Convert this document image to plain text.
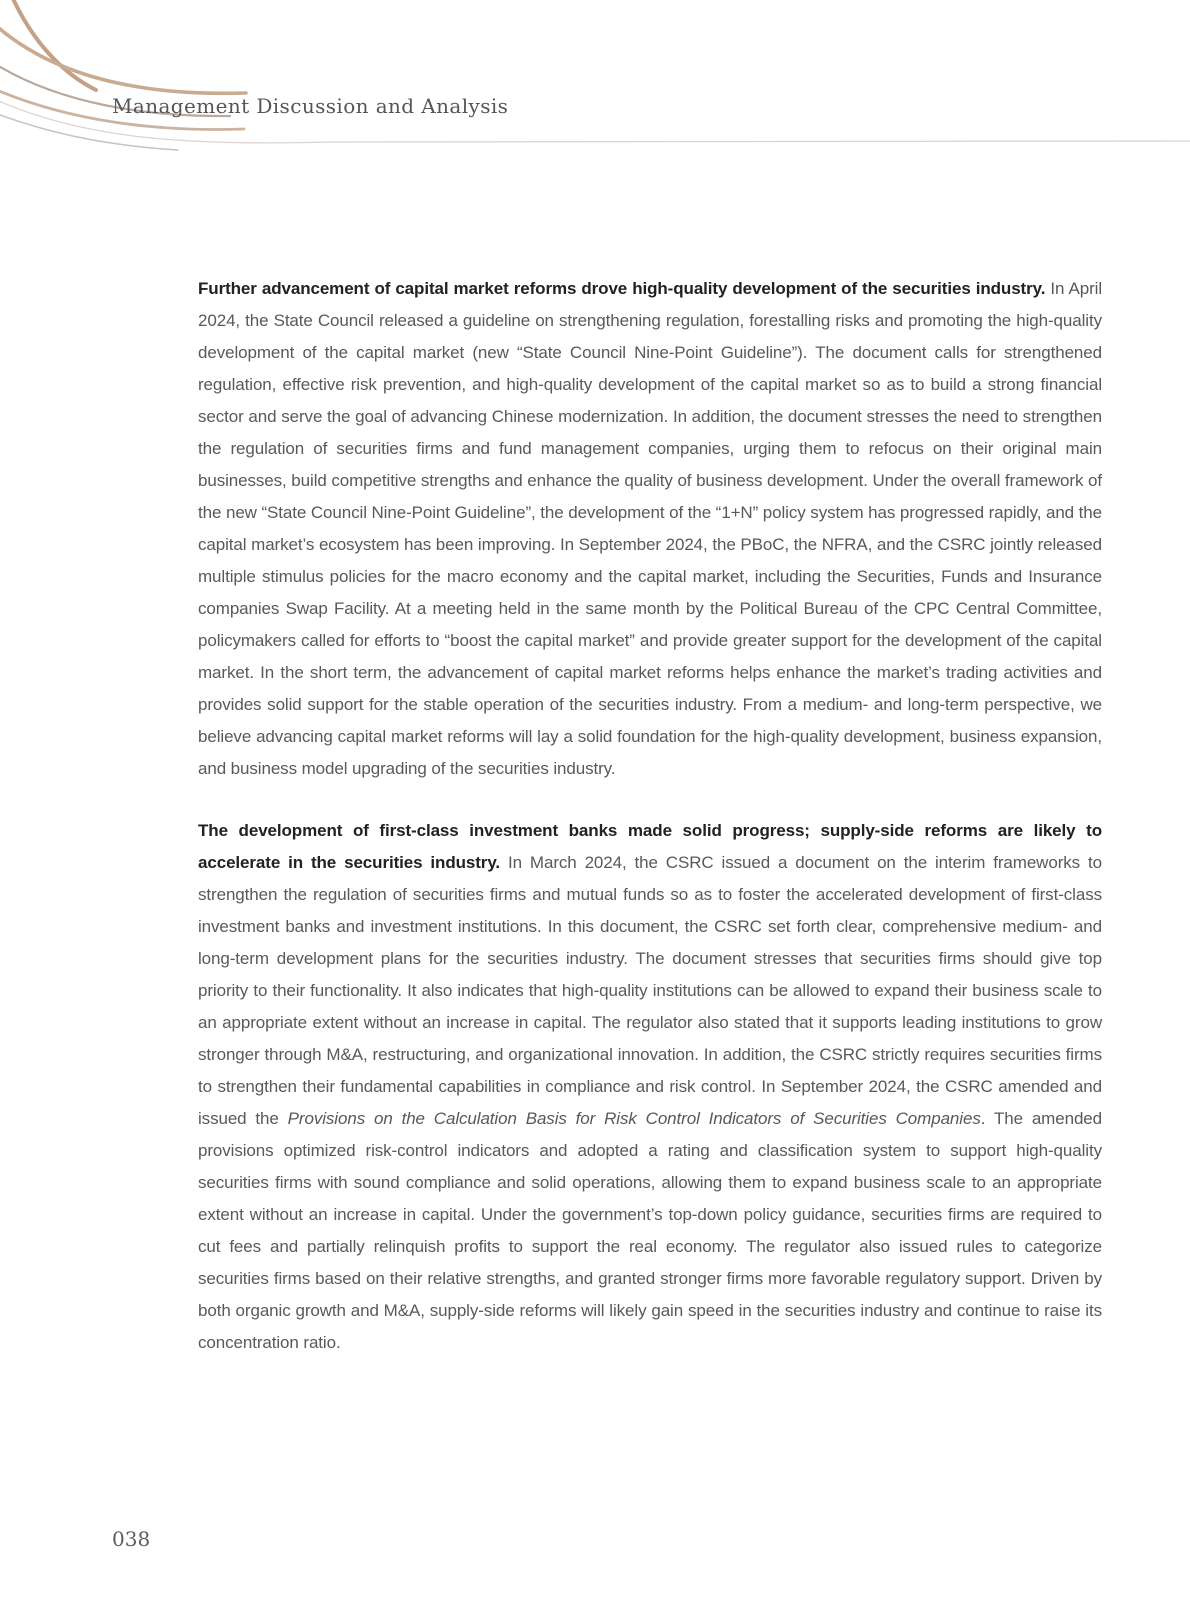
Management Discussion and Analysis

Further advancement of capital market reforms drove high-quality development of the securities industry. In April 2024, the State Council released a guideline on strengthening regulation, forestalling risks and promoting the high-quality development of the capital market (new “State Council Nine-Point Guideline”). The document calls for strengthened regulation, effective risk prevention, and high-quality development of the capital market so as to build a strong financial sector and serve the goal of advancing Chinese modernization. In addition, the document stresses the need to strengthen the regulation of securities firms and fund management companies, urging them to refocus on their original main businesses, build competitive strengths and enhance the quality of business development. Under the overall framework of the new “State Council Nine-Point Guideline”, the development of the “1+N” policy system has progressed rapidly, and the capital market’s ecosystem has been improving. In September 2024, the PBoC, the NFRA, and the CSRC jointly released multiple stimulus policies for the macro economy and the capital market, including the Securities, Funds and Insurance companies Swap Facility. At a meeting held in the same month by the Political Bureau of the CPC Central Committee, policymakers called for efforts to “boost the capital market” and provide greater support for the development of the capital market. In the short term, the advancement of capital market reforms helps enhance the market’s trading activities and provides solid support for the stable operation of the securities industry. From a medium- and long-term perspective, we believe advancing capital market reforms will lay a solid foundation for the high-quality development, business expansion, and business model upgrading of the securities industry.

The development of first-class investment banks made solid progress; supply-side reforms are likely to accelerate in the securities industry. In March 2024, the CSRC issued a document on the interim frameworks to strengthen the regulation of securities firms and mutual funds so as to foster the accelerated development of first-class investment banks and investment institutions. In this document, the CSRC set forth clear, comprehensive medium- and long-term development plans for the securities industry. The document stresses that securities firms should give top priority to their functionality. It also indicates that high-quality institutions can be allowed to expand their business scale to an appropriate extent without an increase in capital. The regulator also stated that it supports leading institutions to grow stronger through M&A, restructuring, and organizational innovation. In addition, the CSRC strictly requires securities firms to strengthen their fundamental capabilities in compliance and risk control. In September 2024, the CSRC amended and issued the Provisions on the Calculation Basis for Risk Control Indicators of Securities Companies. The amended provisions optimized risk-control indicators and adopted a rating and classification system to support high-quality securities firms with sound compliance and solid operations, allowing them to expand business scale to an appropriate extent without an increase in capital. Under the government’s top-down policy guidance, securities firms are required to cut fees and partially relinquish profits to support the real economy. The regulator also issued rules to categorize securities firms based on their relative strengths, and granted stronger firms more favorable regulatory support. Driven by both organic growth and M&A, supply-side reforms will likely gain speed in the securities industry and continue to raise its concentration ratio.

038
